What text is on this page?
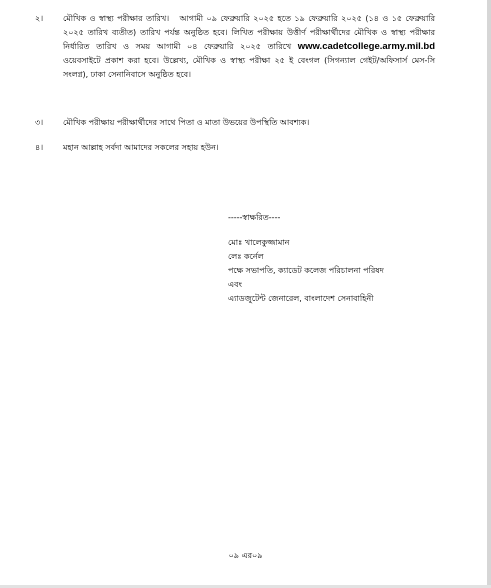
২। মৌখিক ও স্বাস্থ্য পরীক্ষার তারিখ। আগামী ০৯ ফেব্রুয়ারি ২০২৫ হতে ১৯ ফেব্রুয়ারি ২০২৫ (১৪ ও ১৫ ফেব্রুয়ারি ২০২৫ তারিখ ব্যতীত) তারিখ পর্যন্ত অনুষ্ঠিত হবে। লিখিত পরীক্ষায় উত্তীর্ণ পরীক্ষার্থীদের মৌখিক ও স্বাস্থ্য পরীক্ষার নির্ধারিত তারিখ ও সময় আগামী ০৪ ফেব্রুয়ারি ২০২৫ তারিখে www.cadetcollege.army.mil.bd ওয়েবসাইটে প্রকাশ করা হবে। উল্লেখ্য, মৌখিক ও স্বাস্থ্য পরীক্ষা ২৫ ই বেংগল (সিগন্যাল গেইট/অফিসার্স মেস-সি সংলগ্ন), ঢাকা সেনানিবাসে অনুষ্ঠিত হবে।
৩। মৌখিক পরীক্ষায় পরীক্ষার্থীদের সাথে পিতা ও মাতা উভয়ের উপস্থিতি আবশ্যক।
৪। মহান আল্লাহ সর্বদা আমাদের সকলের সহায় হউন।
-----স্বাক্ষরিত----
মোঃ খালেকুজ্জামান
লেঃ কর্নেল
পক্ষে সভাপতি, ক্যাডেট কলেজ পরিচালনা পরিষদ
এবং
এ্যাডজুটেন্ট জেনারেল, বাংলাদেশ সেনাবাহিনী
০৯ এর০৯
